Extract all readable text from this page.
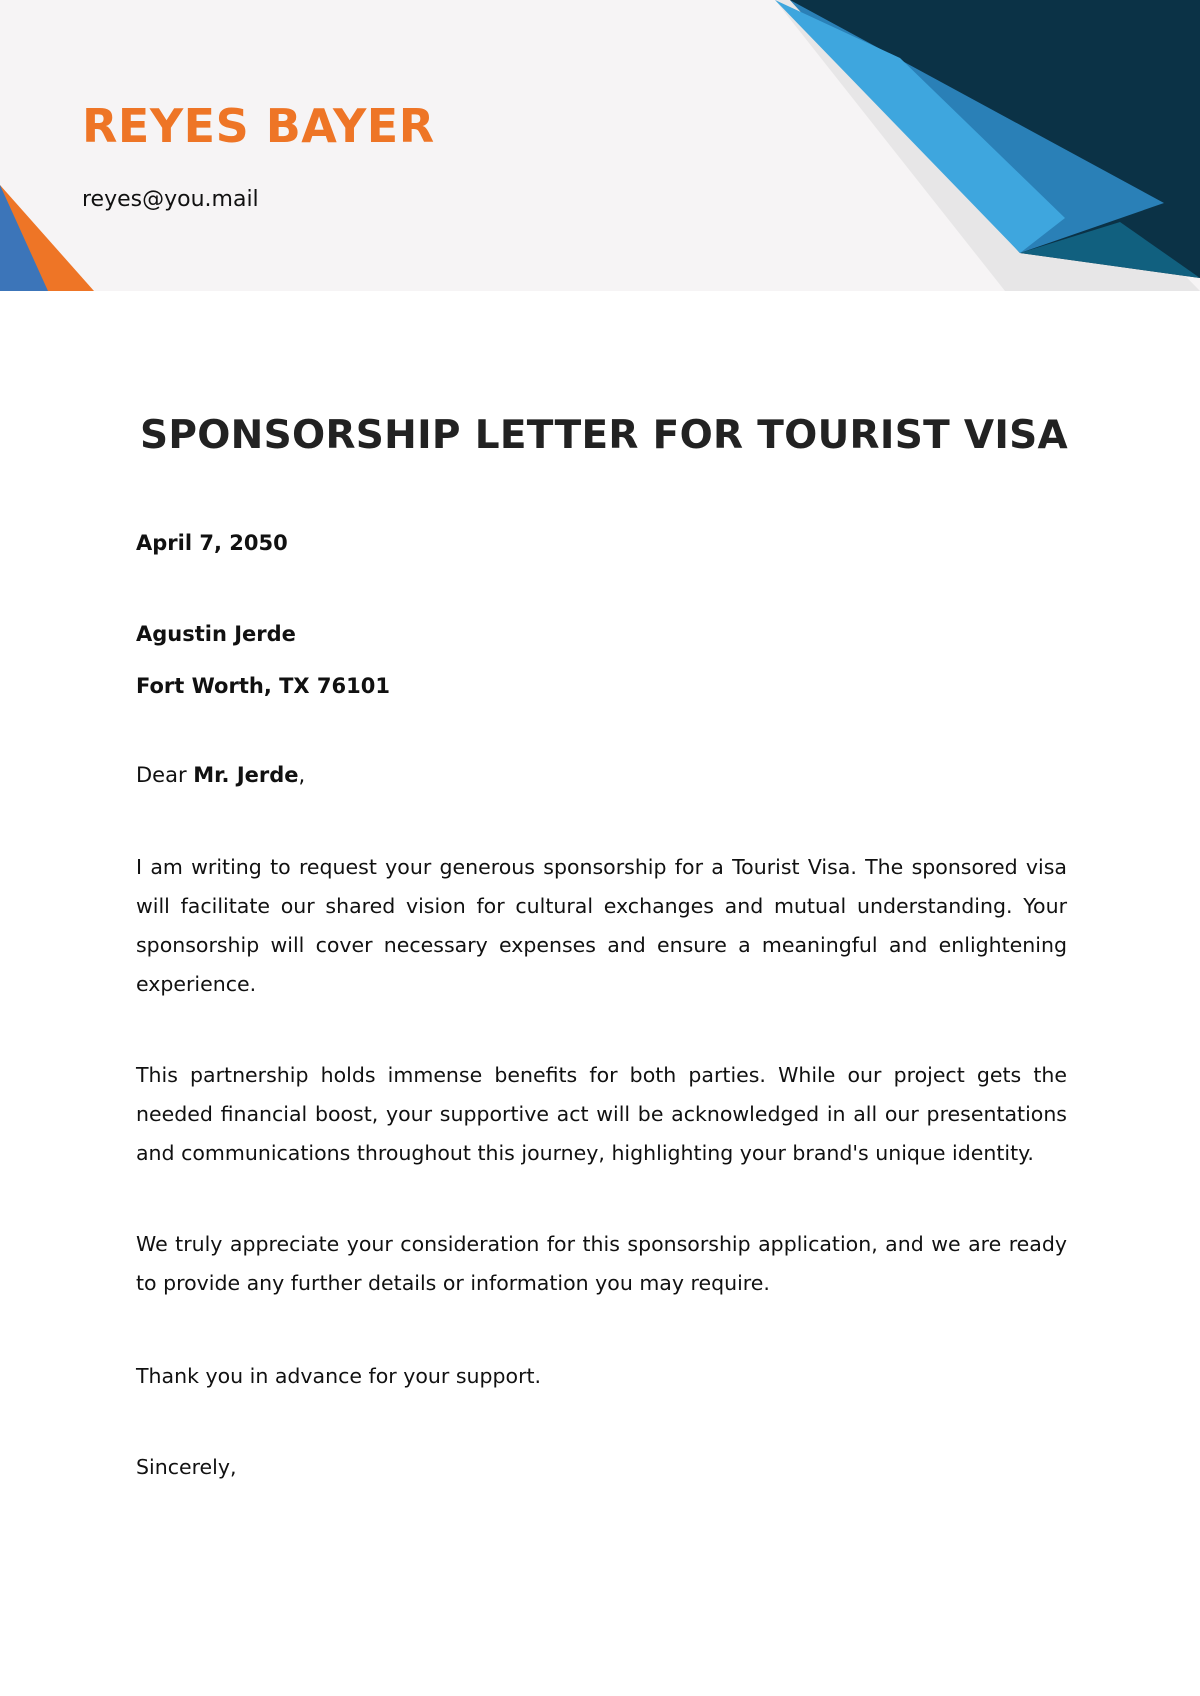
REYES BAYER

reyes@you.mail

SPONSORSHIP LETTER FOR TOURIST VISA

April 7, 2050

Agustin Jerde

Fort Worth, TX 76101

Dear Mr. Jerde,

I am writing to request your generous sponsorship for a Tourist Visa. The sponsored visa will facilitate our shared vision for cultural exchanges and mutual understanding. Your sponsorship will cover necessary expenses and ensure a meaningful and enlightening experience.

This partnership holds immense benefits for both parties. While our project gets the needed financial boost, your supportive act will be acknowledged in all our presentations and communications throughout this journey, highlighting your brand's unique identity.

We truly appreciate your consideration for this sponsorship application, and we are ready to provide any further details or information you may require.

Thank you in advance for your support.

Sincerely,
